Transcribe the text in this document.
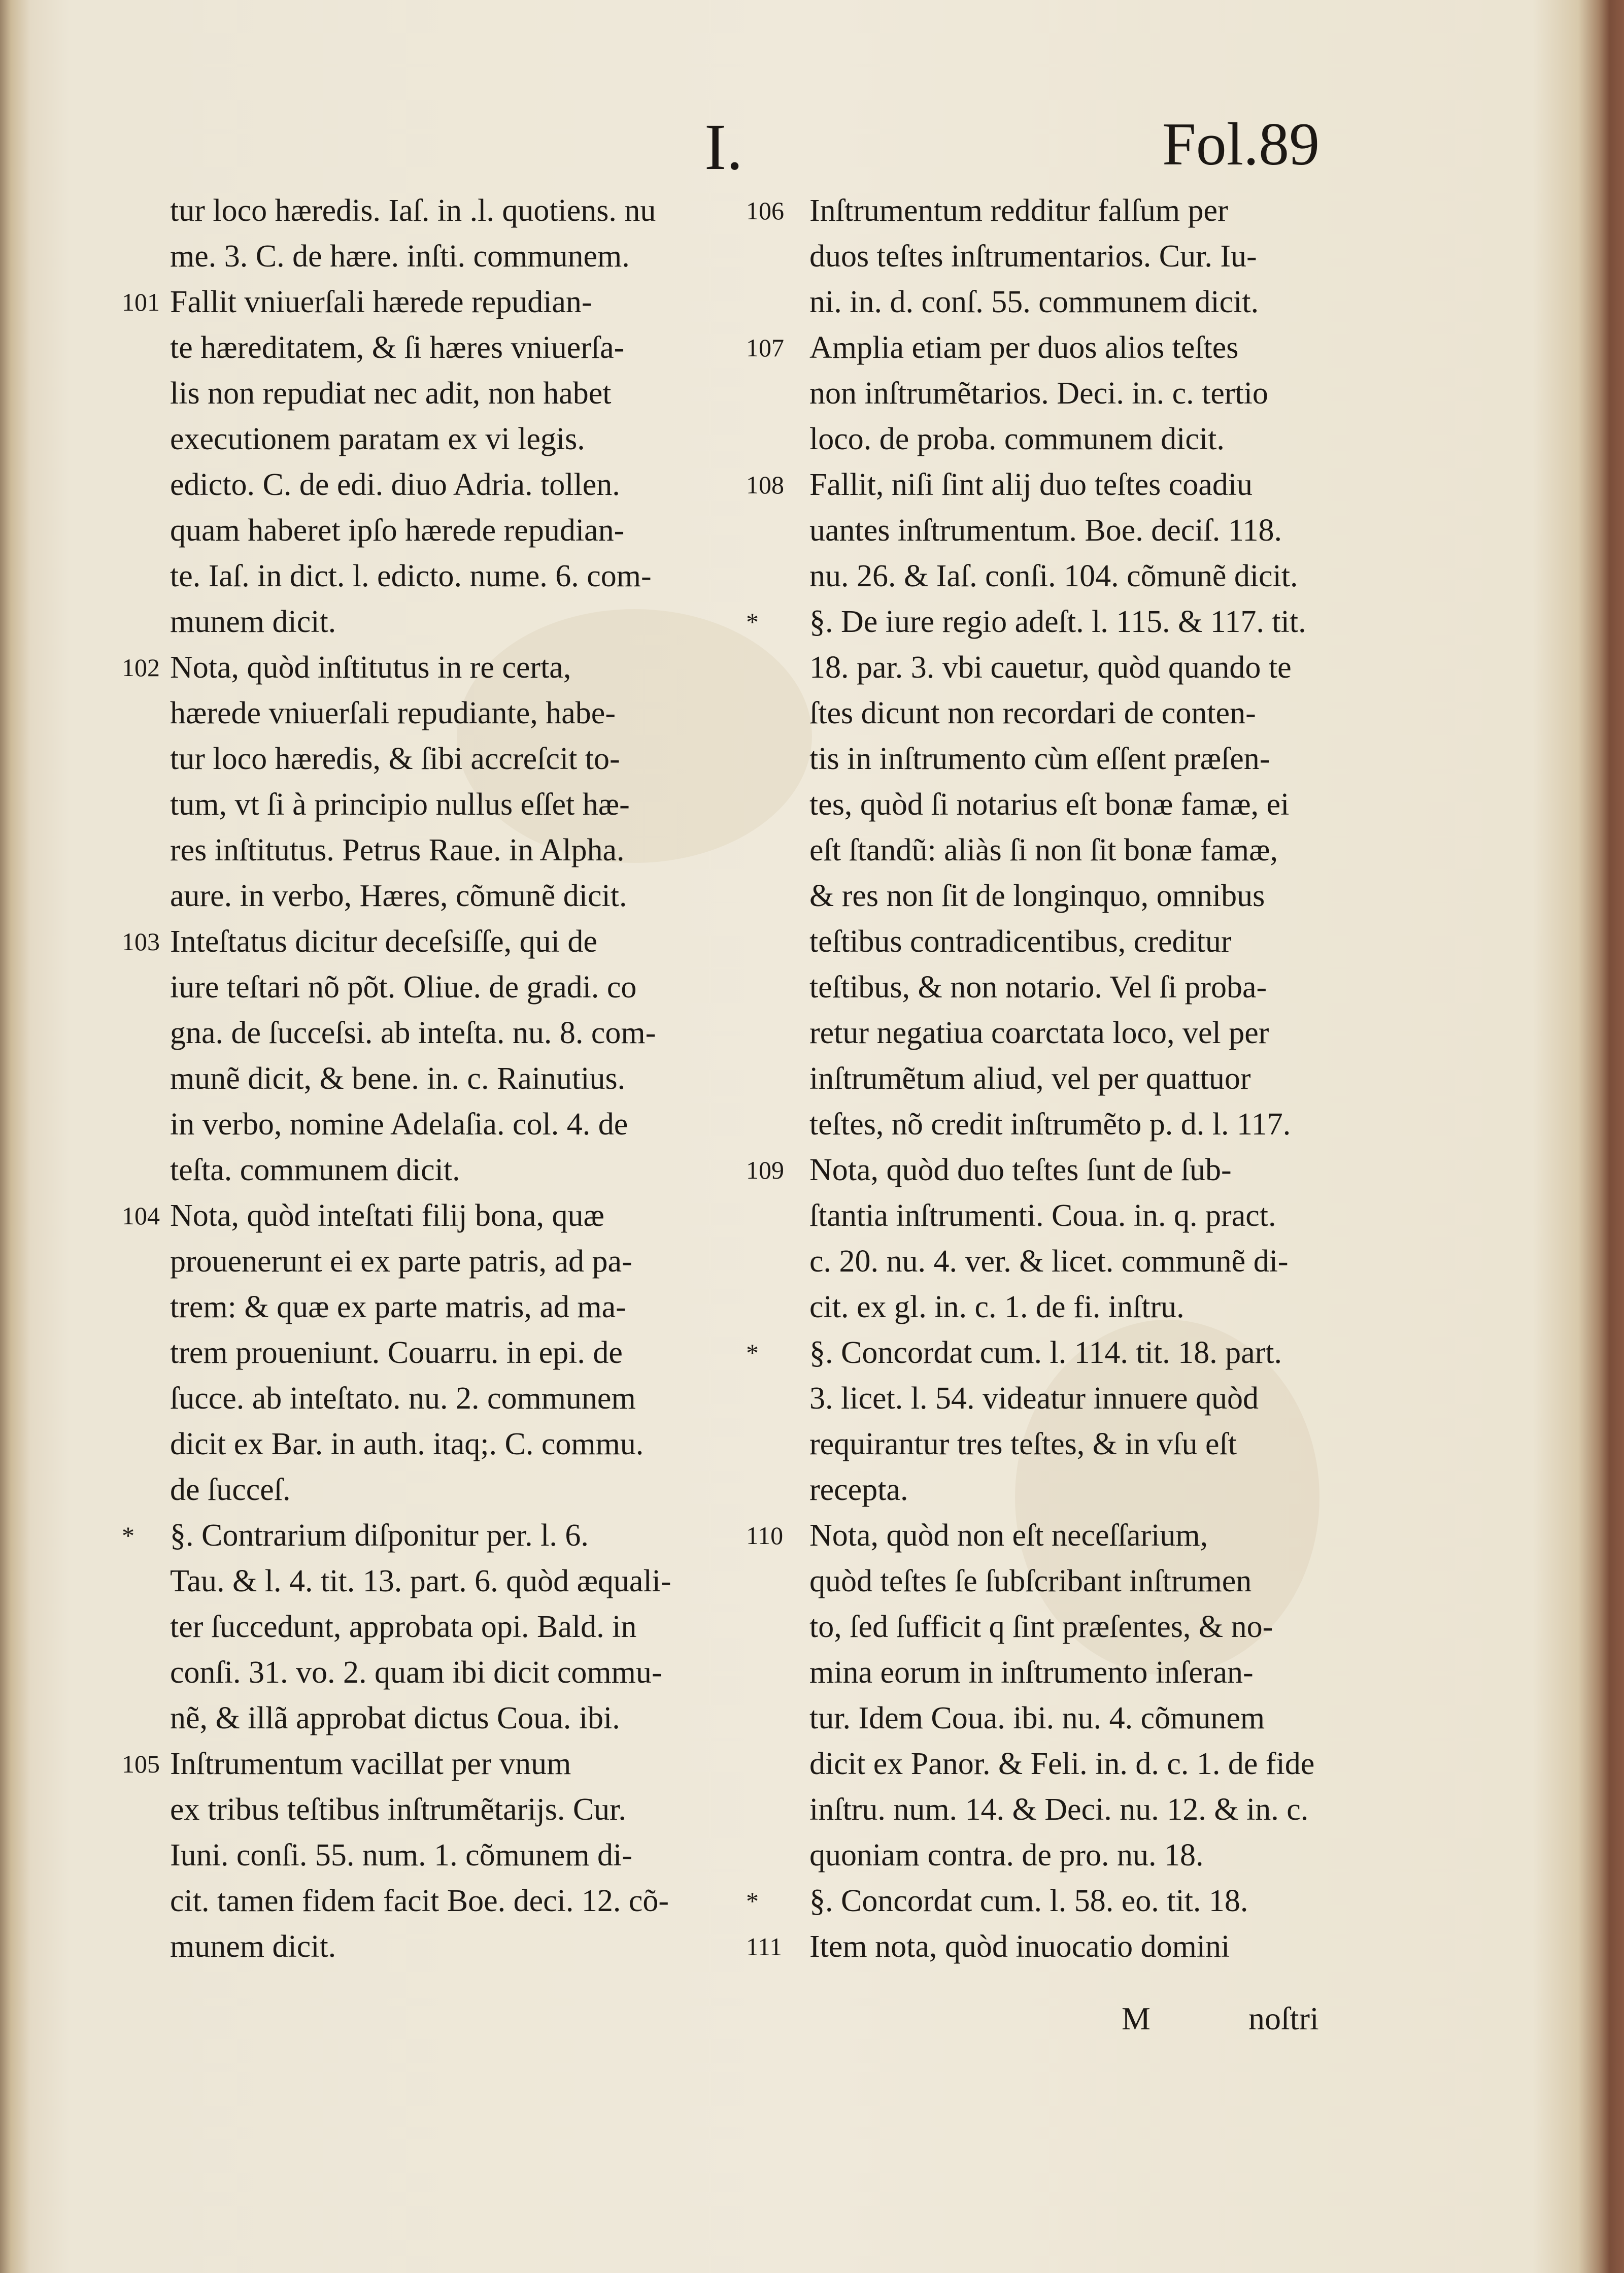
I.	Fol.89
tur loco hæredis. Iaſ. in .l. quotiens. nu
me. 3. C. de hære. inſti. communem.
101 Fallit vniuerſali hærede repudian-
te hæreditatem, & ſi hæres vniuerſa-
lis non repudiat nec adit, non habet
executionem paratam ex vi legis.
edicto. C. de edi. diuo Adria. tollen.
quam haberet ipſo hærede repudian-
te. Iaſ. in dict. l. edicto. nume. 6. com-
munem dicit.
102 Nota, quòd inſtitutus in re certa,
hærede vniuerſali repudiante, habe-
tur loco hæredis, & ſibi accreſcit to-
tum, vt ſi à principio nullus eſſet hæ-
res inſtitutus. Petrus Raue. in Alpha.
aure. in verbo, Hæres, cõmunẽ dicit.
103 Inteſtatus dicitur deceſsiſſe, qui de
iure teſtari nõ põt. Oliue. de gradi. co
gna. de ſucceſsi. ab inteſta. nu. 8. com-
munẽ dicit, & bene. in. c. Rainutius.
in verbo, nomine Adelaſia. col. 4. de
teſta. communem dicit.
104 Nota, quòd inteſtati filij bona, quæ
prouenerunt ei ex parte patris, ad pa-
trem: & quæ ex parte matris, ad ma-
trem proueniunt. Couarru. in epi. de
ſucce. ab inteſtato. nu. 2. communem
dicit ex Bar. in auth. itaq;. C. commu.
de ſucceſ.
*	§. Contrarium diſponitur per. l. 6.
Tau. & l. 4. tit. 13. part. 6. quòd æquali-
ter ſuccedunt, approbata opi. Bald. in
conſi. 31. vo. 2. quam ibi dicit commu-
nẽ, & illã approbat dictus Coua. ibi.
105 Inſtrumentum vacillat per vnum
ex tribus teſtibus inſtrumẽtarijs. Cur.
Iuni. conſi. 55. num. 1. cõmunem di-
cit. tamen fidem facit Boe. deci. 12. cõ-
munem dicit.
106 Inſtrumentum redditur falſum per
duos teſtes inſtrumentarios. Cur. Iu-
ni. in. d. conſ. 55. communem dicit.
107 Amplia etiam per duos alios teſtes
non inſtrumẽtarios. Deci. in. c. tertio
loco. de proba. communem dicit.
108 Fallit, niſi ſint alij duo teſtes coadiu
uantes inſtrumentum. Boe. deciſ. 118.
nu. 26. & Iaſ. conſi. 104. cõmunẽ dicit.
*	§. De iure regio adeſt. l. 115. & 117. tit.
18. par. 3. vbi cauetur, quòd quando te
ſtes dicunt non recordari de conten-
tis in inſtrumento cùm eſſent præſen-
tes, quòd ſi notarius eſt bonæ famæ, ei
eſt ſtandũ: aliàs ſi non ſit bonæ famæ,
& res non ſit de longinquo, omnibus
teſtibus contradicentibus, creditur
teſtibus, & non notario. Vel ſi proba-
retur negatiua coarctata loco, vel per
inſtrumẽtum aliud, vel per quattuor
teſtes, nõ credit inſtrumẽto p. d. l. 117.
109 Nota, quòd duo teſtes ſunt de ſub-
ſtantia inſtrumenti. Coua. in. q. pract.
c. 20. nu. 4. ver. & licet. communẽ di-
cit. ex gl. in. c. 1. de fi. inſtru.
*	§. Concordat cum. l. 114. tit. 18. part.
3. licet. l. 54. videatur innuere quòd
requirantur tres teſtes, & in vſu eſt
recepta.
110 Nota, quòd non eſt neceſſarium,
quòd teſtes ſe ſubſcribant inſtrumen
to, ſed ſufficit q ſint præſentes, & no-
mina eorum in inſtrumento inſeran-
tur. Idem Coua. ibi. nu. 4. cõmunem
dicit ex Panor. & Feli. in. d. c. 1. de fide
inſtru. num. 14. & Deci. nu. 12. & in. c.
quoniam contra. de pro. nu. 18.
*	§. Concordat cum. l. 58. eo. tit. 18.
111 Item nota, quòd inuocatio domini
M	noſtri
